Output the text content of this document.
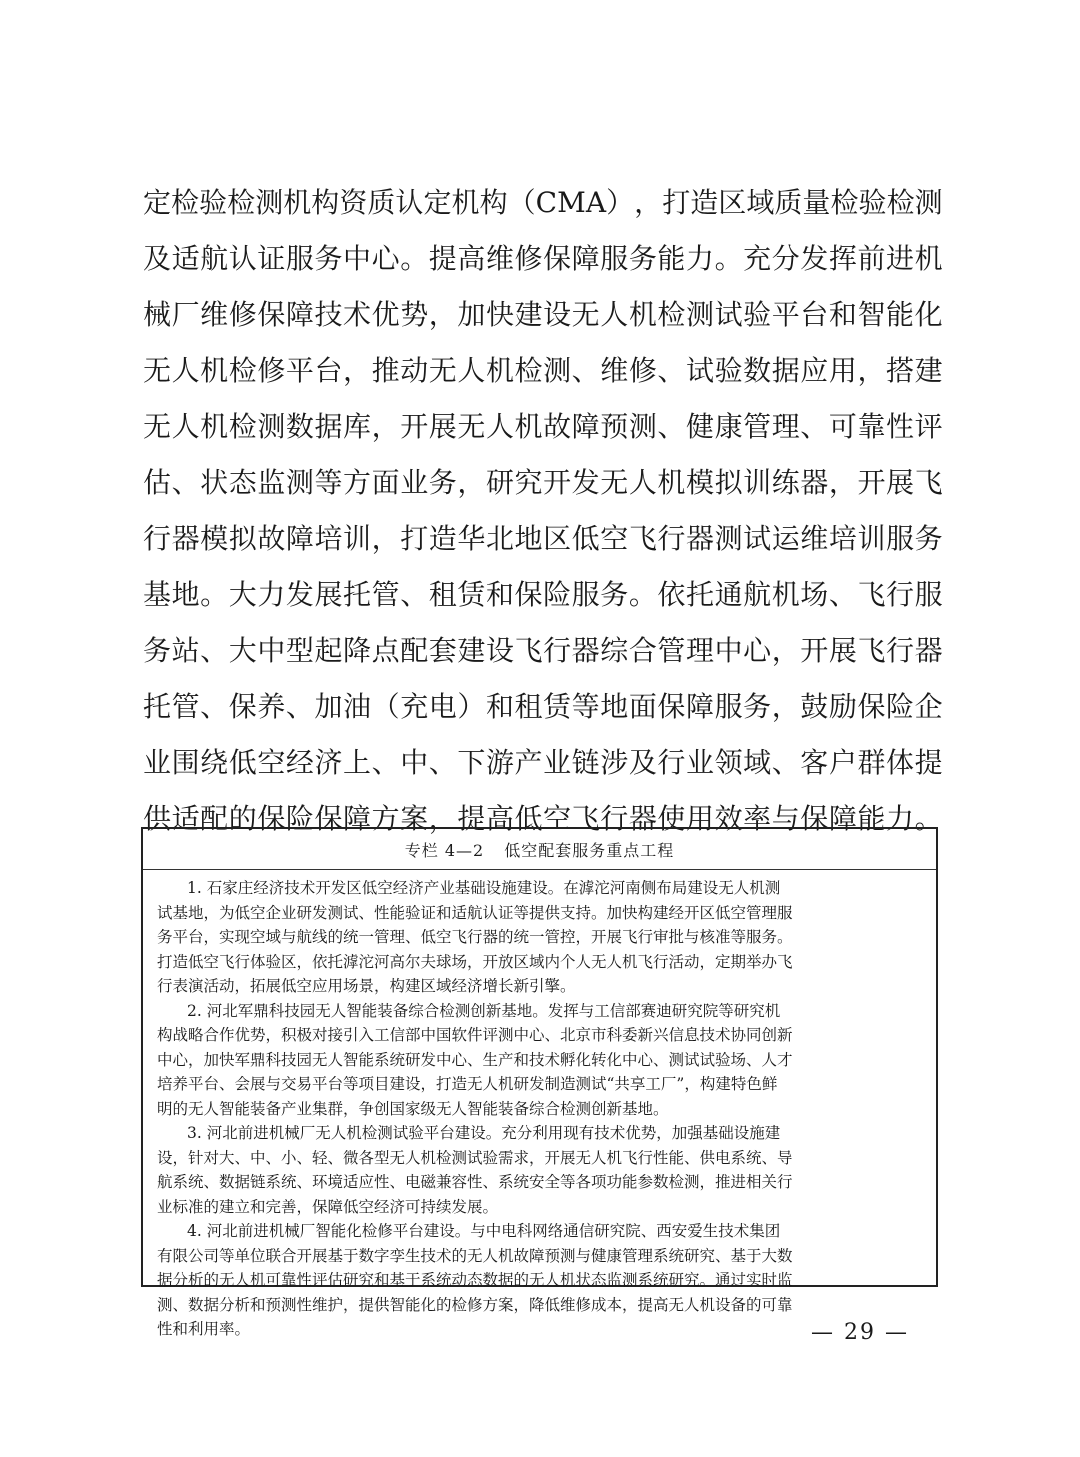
定 检 验 检 测 机 构 资 质 认 定 机 构 （ C M A ） ， 打 造 区 域 质 量 检 验 检 测
及 适 航 认 证 服 务 中 心 。 提 高 维 修 保 障 服 务 能 力 。 充 分 发 挥 前 进 机
械 厂 维 修 保 障 技 术 优 势 ， 加 快 建 设 无 人 机 检 测 试 验 平 台 和 智 能 化
无 人 机 检 修 平 台 ， 推 动 无 人 机 检 测 、 维 修 、 试 验 数 据 应 用 ， 搭 建
无 人 机 检 测 数 据 库 ， 开 展 无 人 机 故 障 预 测 、 健 康 管 理 、 可 靠 性 评
估 、 状 态 监 测 等 方 面 业 务 ， 研 究 开 发 无 人 机 模 拟 训 练 器 ， 开 展 飞
行 器 模 拟 故 障 培 训 ， 打 造 华 北 地 区 低 空 飞 行 器 测 试 运 维 培 训 服 务
基 地 。 大 力 发 展 托 管 、 租 赁 和 保 险 服 务 。 依 托 通 航 机 场 、 飞 行 服
务 站 、 大 中 型 起 降 点 配 套 建 设 飞 行 器 综 合 管 理 中 心 ， 开 展 飞 行 器
托 管 、 保 养 、 加 油 （ 充 电 ） 和 租 赁 等 地 面 保 障 服 务 ， 鼓 励 保 险 企
业 围 绕 低 空 经 济 上 、 中 、 下 游 产 业 链 涉 及 行 业 领 域 、 客 户 群 体 提
供 适 配 的 保 险 保 障 方 案 ， 提 高 低 空 飞 行 器 使 用 效 率 与 保 障 能 力 。
专栏 4—2 低空配套服务重点工程
1. 石家庄经济技术开发区低空经济产业基础设施建设。在滹沱河南侧布局建设无人机测
试基地，为低空企业研发测试、性能验证和适航认证等提供支持。加快构建经开区低空管理服
务平台，实现空域与航线的统一管理、低空飞行器的统一管控，开展飞行审批与核准等服务。
打造低空飞行体验区，依托滹沱河高尔夫球场，开放区域内个人无人机飞行活动，定期举办飞
行表演活动，拓展低空应用场景，构建区域经济增长新引擎。
2. 河北军鼎科技园无人智能装备综合检测创新基地。发挥与工信部赛迪研究院等研究机
构战略合作优势，积极对接引入工信部中国软件评测中心、北京市科委新兴信息技术协同创新
中心，加快军鼎科技园无人智能系统研发中心、生产和技术孵化转化中心、测试试验场、人才
培养平台、会展与交易平台等项目建设，打造无人机研发制造测试“共享工厂”，构建特色鲜
明的无人智能装备产业集群，争创国家级无人智能装备综合检测创新基地。
3. 河北前进机械厂无人机检测试验平台建设。充分利用现有技术优势，加强基础设施建
设，针对大、中、小、轻、微各型无人机检测试验需求，开展无人机飞行性能、供电系统、导
航系统、数据链系统、环境适应性、电磁兼容性、系统安全等各项功能参数检测，推进相关行
业标准的建立和完善，保障低空经济可持续发展。
4. 河北前进机械厂智能化检修平台建设。与中电科网络通信研究院、西安爱生技术集团
有限公司等单位联合开展基于数字孪生技术的无人机故障预测与健康管理系统研究、基于大数
据分析的无人机可靠性评估研究和基于系统动态数据的无人机状态监测系统研究。通过实时监
测、数据分析和预测性维护，提供智能化的检修方案，降低维修成本，提高无人机设备的可靠
性和利用率。	— 29 —
